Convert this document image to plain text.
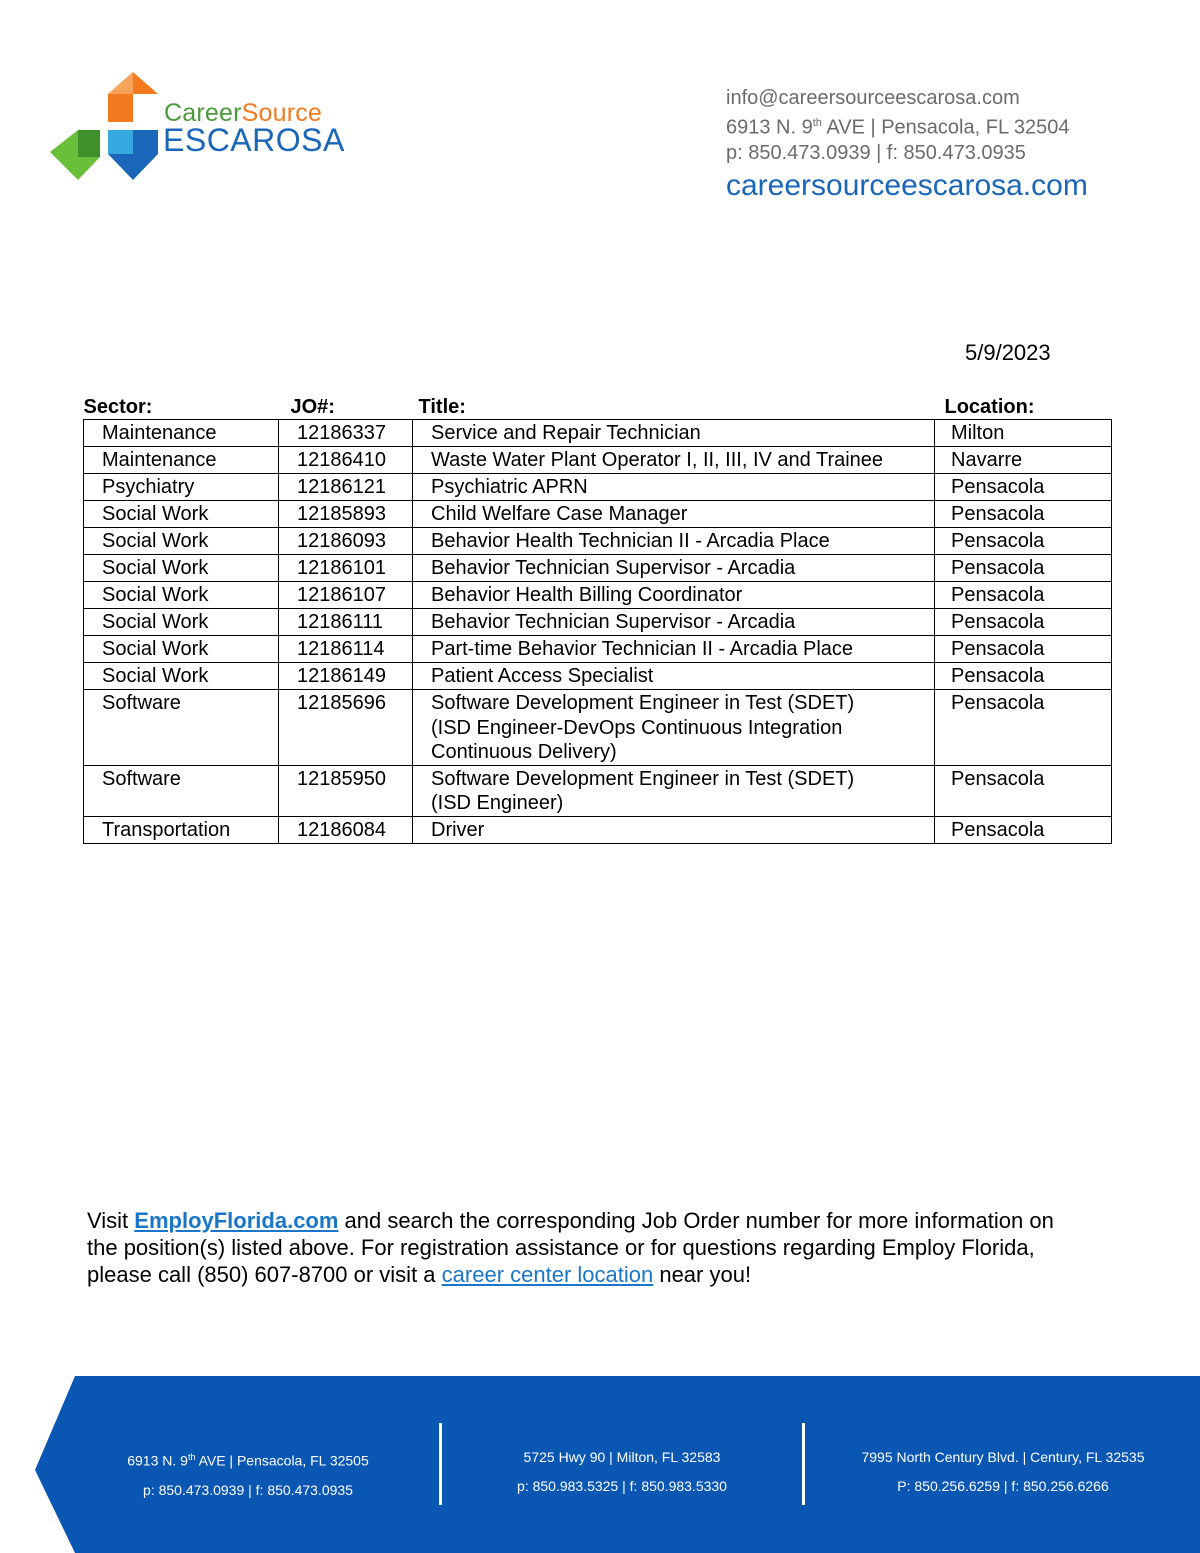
CareerSource
ESCAROSA
info@careersourceescarosa.com
6913 N. 9th AVE | Pensacola, FL 32504
p: 850.473.0939 | f: 850.473.0935
careersourceescarosa.com
5/9/2023
Sector:	JO#:	Title:	Location:
Maintenance	12186337	Service and Repair Technician	Milton
Maintenance	12186410	Waste Water Plant Operator I, II, III, IV and Trainee	Navarre
Psychiatry	12186121	Psychiatric APRN	Pensacola
Social Work	12185893	Child Welfare Case Manager	Pensacola
Social Work	12186093	Behavior Health Technician II - Arcadia Place	Pensacola
Social Work	12186101	Behavior Technician Supervisor - Arcadia	Pensacola
Social Work	12186107	Behavior Health Billing Coordinator	Pensacola
Social Work	12186111	Behavior Technician Supervisor - Arcadia	Pensacola
Social Work	12186114	Part-time Behavior Technician II - Arcadia Place	Pensacola
Social Work	12186149	Patient Access Specialist	Pensacola
Software	12185696	Software Development Engineer in Test (SDET)
(ISD Engineer-DevOps Continuous Integration
Continuous Delivery)	Pensacola
Software	12185950	Software Development Engineer in Test (SDET)
(ISD Engineer)	Pensacola
Transportation	12186084	Driver	Pensacola
Visit EmployFlorida.com and search the corresponding Job Order number for more information on the position(s) listed above. For registration assistance or for questions regarding Employ Florida, please call (850) 607-8700 or visit a career center location near you!
6913 N. 9th AVE | Pensacola, FL 32505
p: 850.473.0939 | f: 850.473.0935
5725 Hwy 90 | Milton, FL 32583
p: 850.983.5325 | f: 850.983.5330
7995 North Century Blvd. | Century, FL 32535
P: 850.256.6259 | f: 850.256.6266
